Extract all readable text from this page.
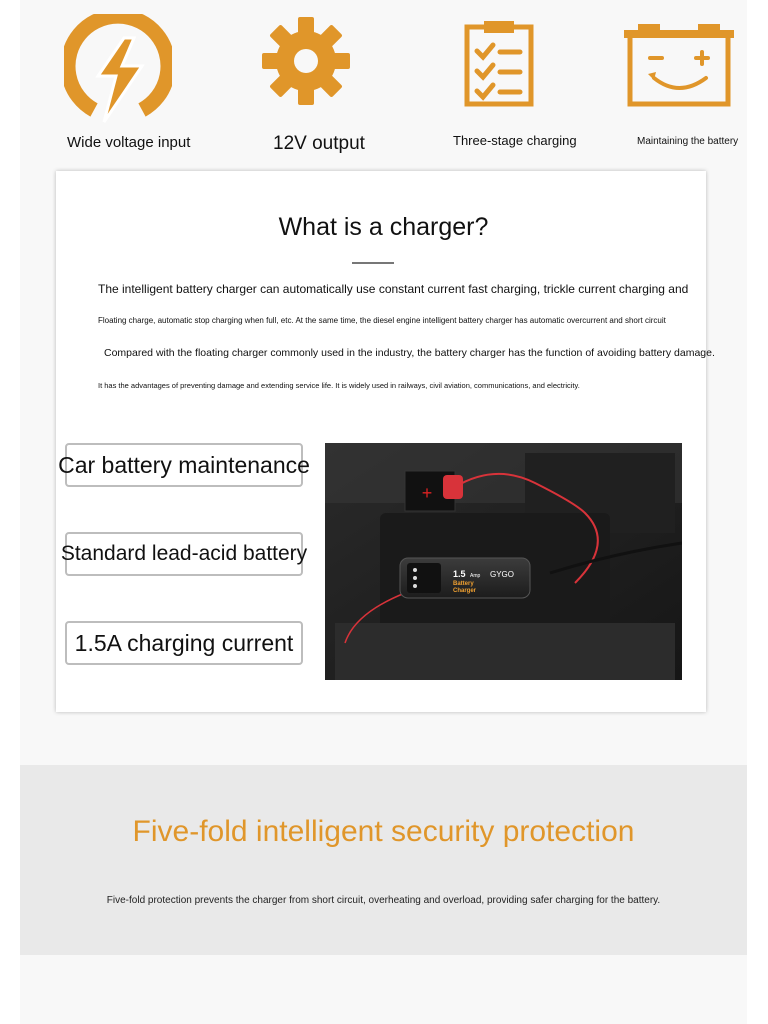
Wide voltage input	12V output	Three-stage charging	Maintaining the battery
What is a charger?
The intelligent battery charger can automatically use constant current fast charging, trickle current charging and
Floating charge, automatic stop charging when full, etc. At the same time, the diesel engine intelligent battery charger has automatic overcurrent and short circuit
Compared with the floating charger commonly used in the industry, the battery charger has the function of avoiding battery damage.
It has the advantages of preventing damage and extending service life. It is widely used in railways, civil aviation, communications, and electricity.
Car battery maintenance
Standard lead-acid battery
1.5A charging current
+
1.5 Amp
Battery
Charger
GYGO
Five-fold intelligent security protection
Five-fold protection prevents the charger from short circuit, overheating and overload, providing safer charging for the battery.
